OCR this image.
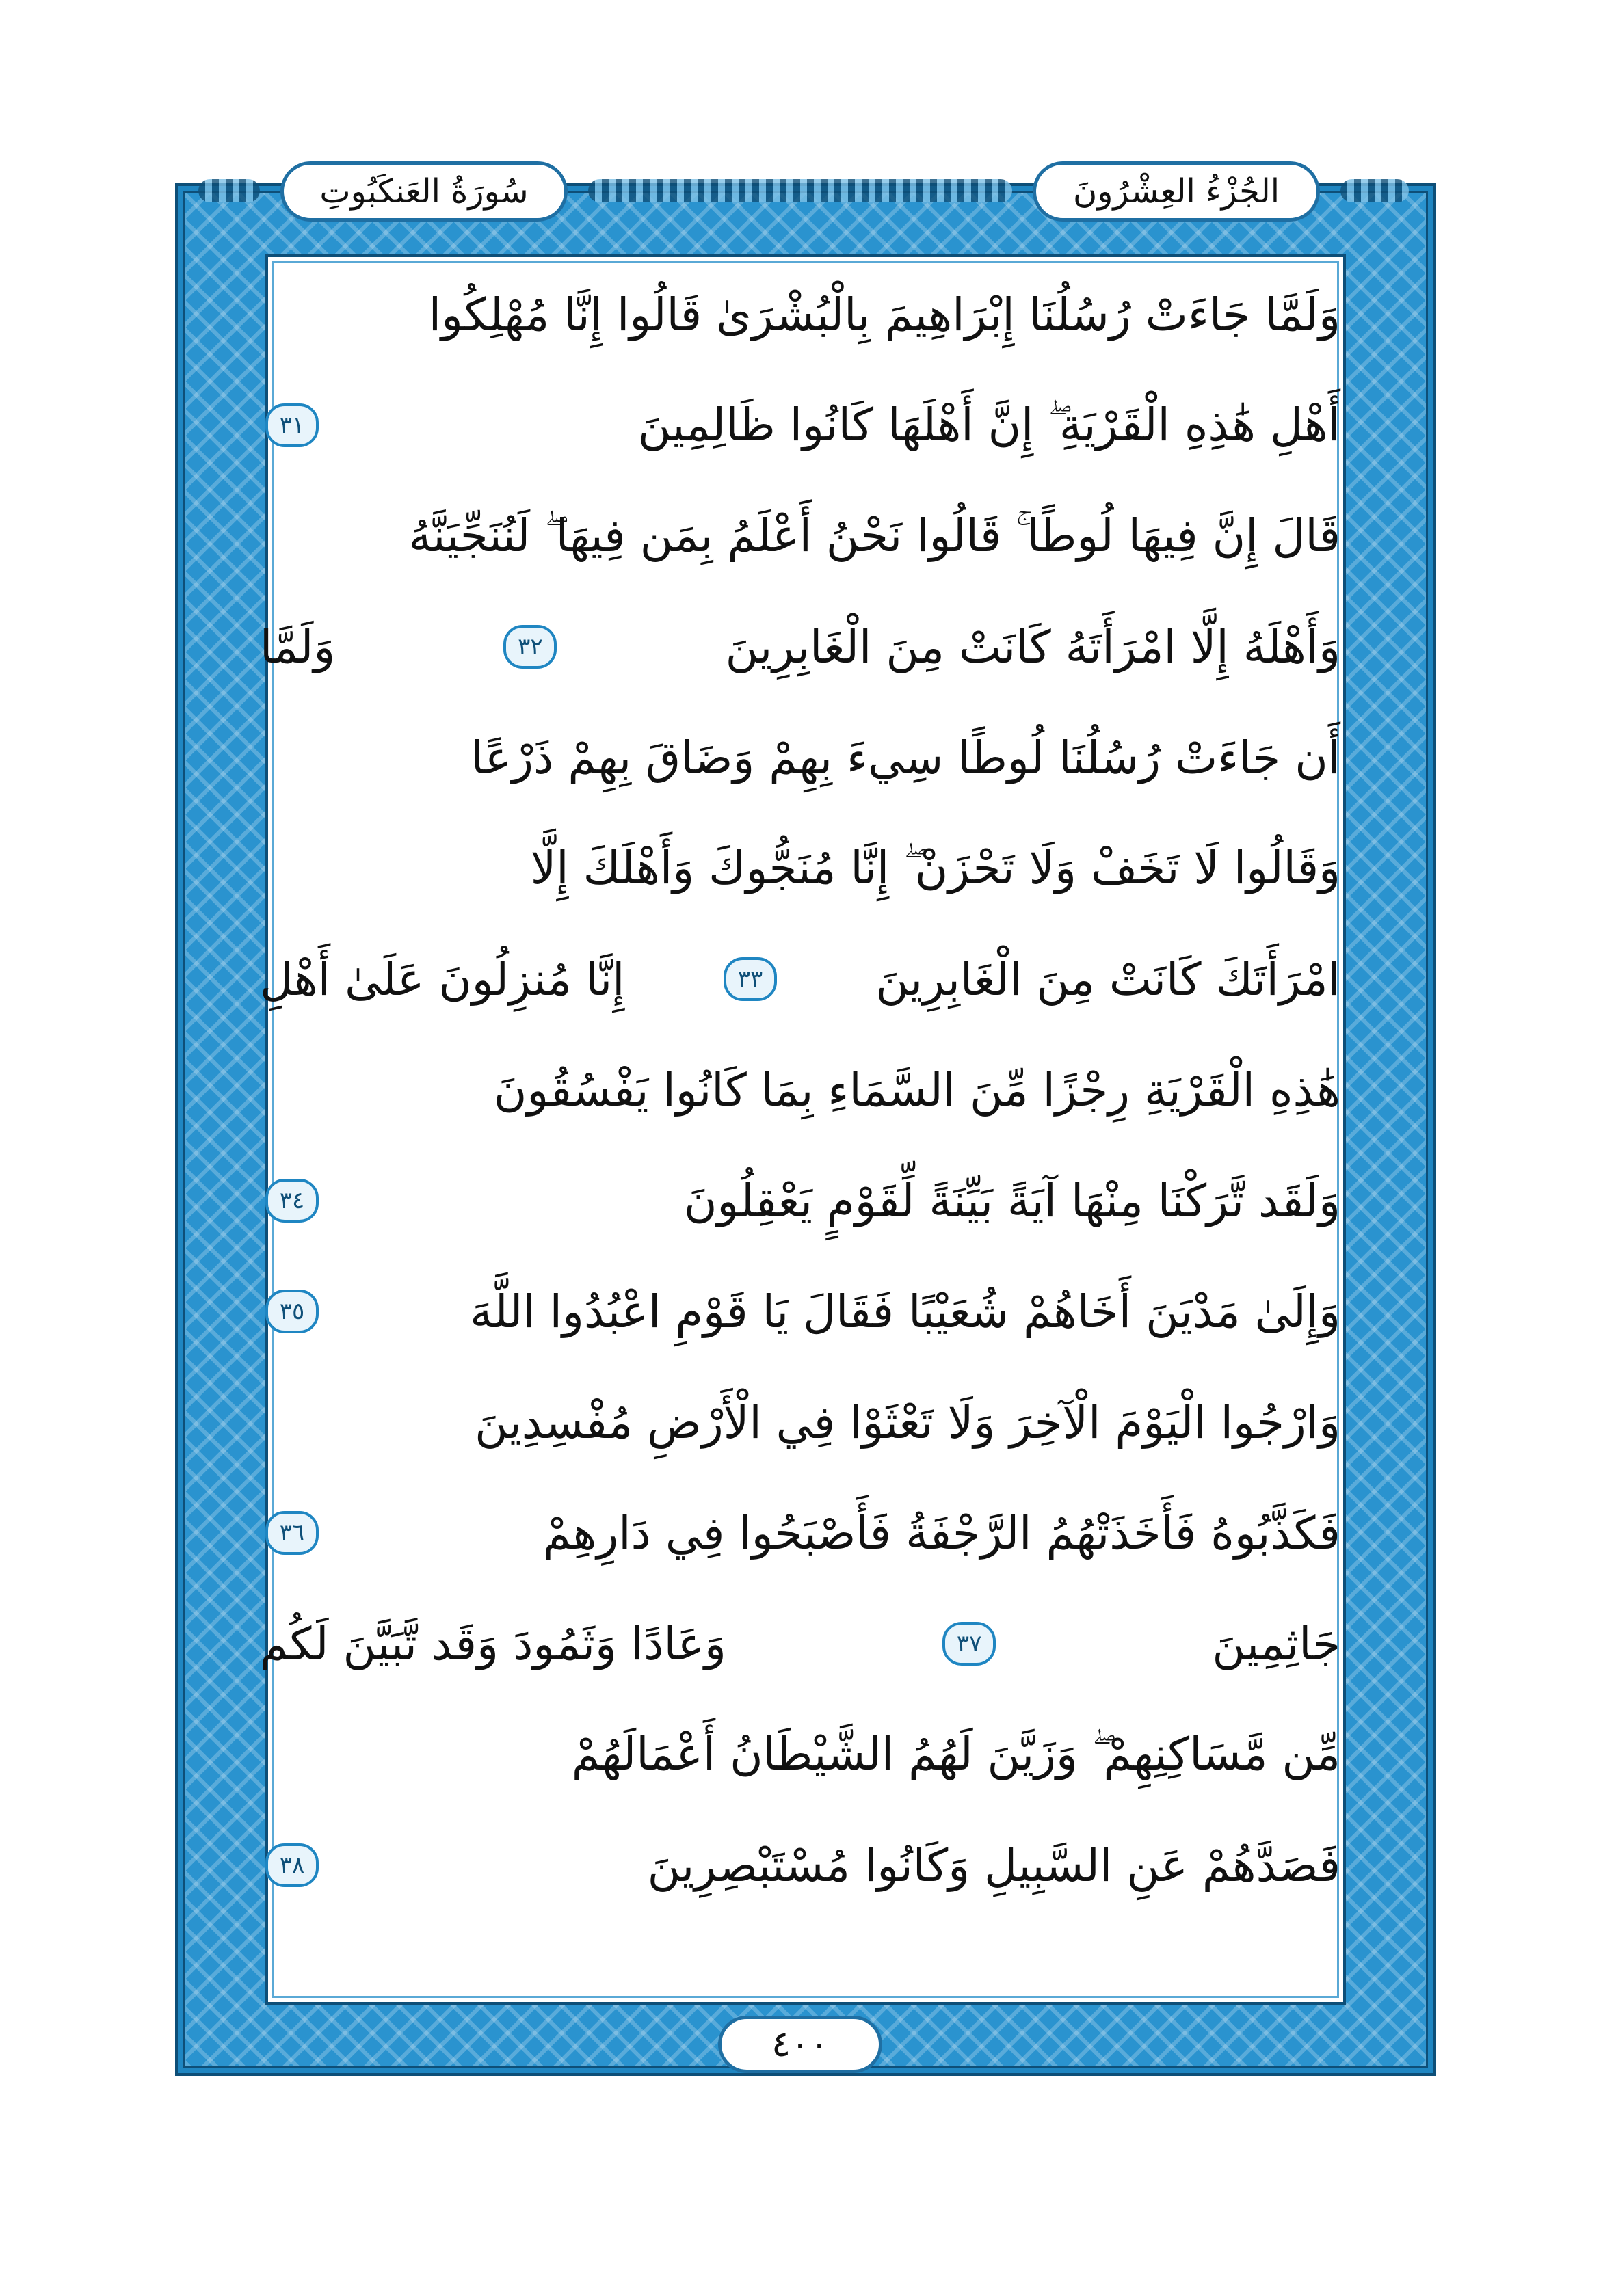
الجُزْءُ العِشْرُونَ
سُورَةُ العَنكَبُوتِ
وَلَمَّا جَاءَتْ رُسُلُنَا إِبْرَاهِيمَ بِالْبُشْرَىٰ قَالُوا إِنَّا مُهْلِكُوا
أَهْلِ هَٰذِهِ الْقَرْيَةِ ۖ إِنَّ أَهْلَهَا كَانُوا ظَالِمِينَ
٣١
قَالَ إِنَّ فِيهَا لُوطًا ۚ قَالُوا نَحْنُ أَعْلَمُ بِمَن فِيهَا ۖ لَنُنَجِّيَنَّهُ
وَأَهْلَهُ إِلَّا امْرَأَتَهُ كَانَتْ مِنَ الْغَابِرِينَ
٣٢
وَلَمَّا
أَن جَاءَتْ رُسُلُنَا لُوطًا سِيءَ بِهِمْ وَضَاقَ بِهِمْ ذَرْعًا
وَقَالُوا لَا تَخَفْ وَلَا تَحْزَنْ ۖ إِنَّا مُنَجُّوكَ وَأَهْلَكَ إِلَّا
امْرَأَتَكَ كَانَتْ مِنَ الْغَابِرِينَ
٣٣
إِنَّا مُنزِلُونَ عَلَىٰ أَهْلِ
هَٰذِهِ الْقَرْيَةِ رِجْزًا مِّنَ السَّمَاءِ بِمَا كَانُوا يَفْسُقُونَ
وَلَقَد تَّرَكْنَا مِنْهَا آيَةً بَيِّنَةً لِّقَوْمٍ يَعْقِلُونَ
٣٤
وَإِلَىٰ مَدْيَنَ أَخَاهُمْ شُعَيْبًا فَقَالَ يَا قَوْمِ اعْبُدُوا اللَّهَ
٣٥
وَارْجُوا الْيَوْمَ الْآخِرَ وَلَا تَعْثَوْا فِي الْأَرْضِ مُفْسِدِينَ
فَكَذَّبُوهُ فَأَخَذَتْهُمُ الرَّجْفَةُ فَأَصْبَحُوا فِي دَارِهِمْ
٣٦
جَاثِمِينَ
٣٧
وَعَادًا وَثَمُودَ وَقَد تَّبَيَّنَ لَكُم
مِّن مَّسَاكِنِهِمْ ۖ وَزَيَّنَ لَهُمُ الشَّيْطَانُ أَعْمَالَهُمْ
فَصَدَّهُمْ عَنِ السَّبِيلِ وَكَانُوا مُسْتَبْصِرِينَ
٣٨
٤٠٠
